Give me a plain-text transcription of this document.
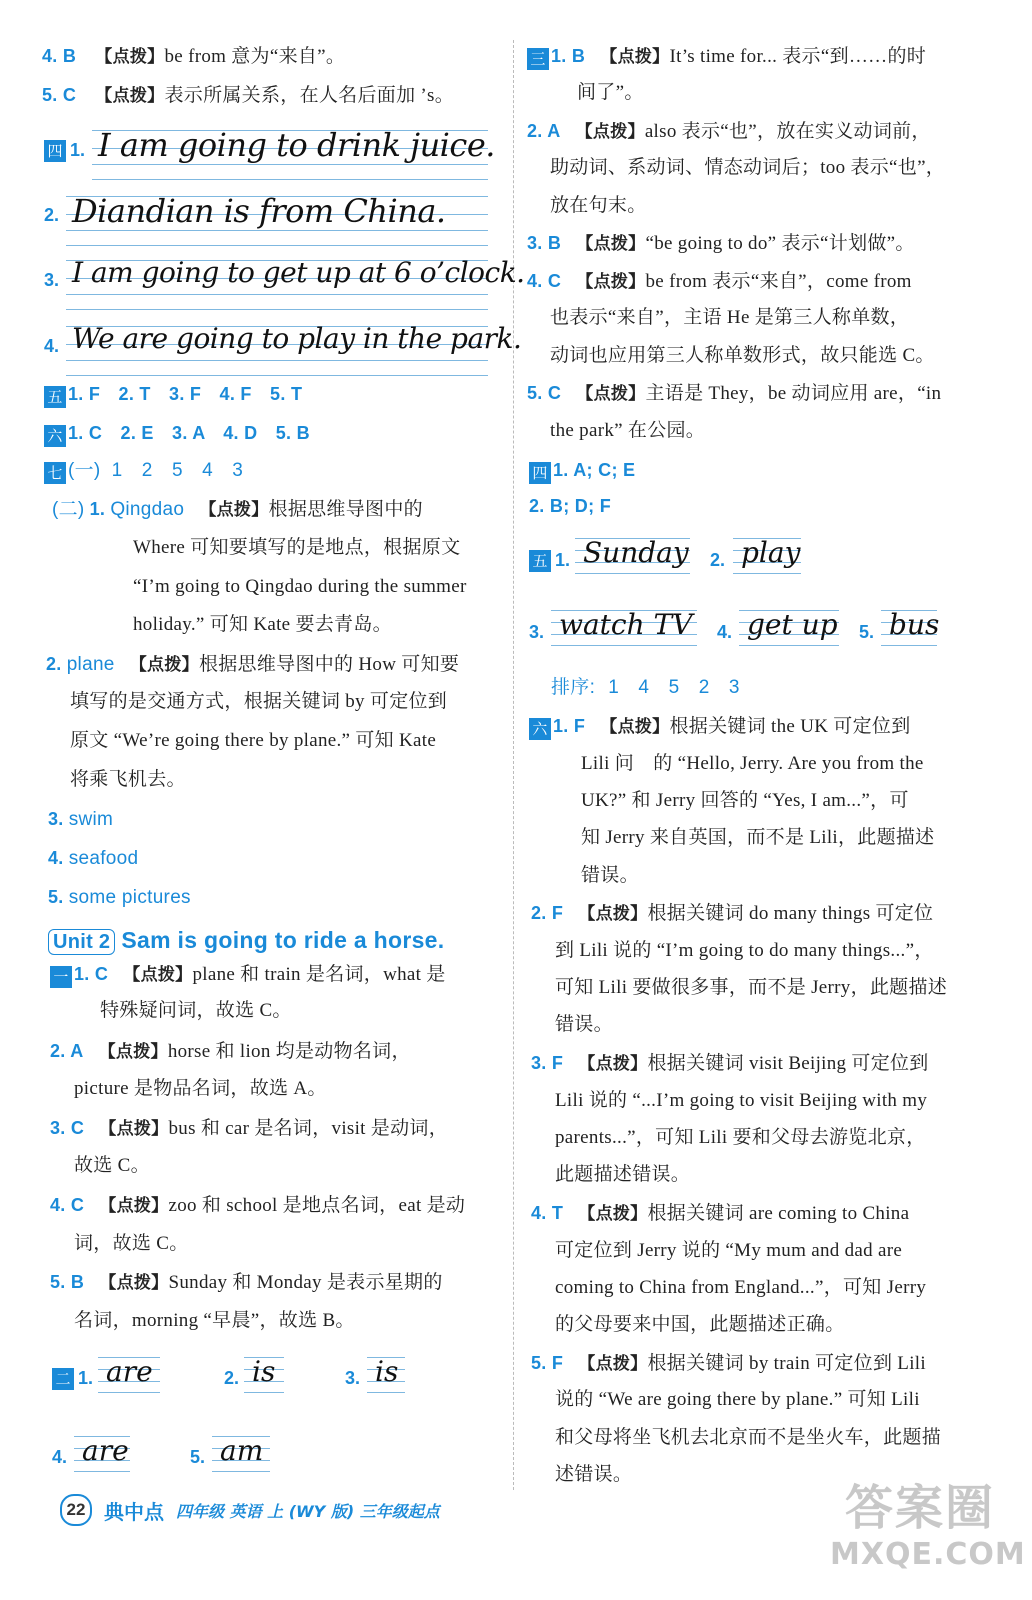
4. B 【点拨】be from 意为“来自”。
5. C 【点拨】表示所属关系，在人名后面加 ’s。
四 1. I am going to drink juice.
2. Diandian is from China.
3. I am going to get up at 6 o’clock.
4. We are going to play in the park.
五 1. F　2. T　3. F　4. F　5. T
六 1. C　2. E　3. A　4. D　5. B
七 (一) 1　2　5　4　3
(二) 1. Qingdao 【点拨】根据思维导图中的
Where 可知要填写的是地点，根据原文
“I’m going to Qingdao during the summer
holiday.” 可知 Kate 要去青岛。
2. plane 【点拨】根据思维导图中的 How 可知要
填写的是交通方式，根据关键词 by 可定位到
原文 “We’re going there by plane.” 可知 Kate
将乘飞机去。
3. swim
4. seafood
5. some pictures
Unit 2 Sam is going to ride a horse.
一 1. C 【点拨】plane 和 train 是名词，what 是
特殊疑问词，故选 C。
2. A 【点拨】horse 和 lion 均是动物名词，
picture 是物品名词，故选 A。
3. C 【点拨】bus 和 car 是名词，visit 是动词，
故选 C。
4. C 【点拨】zoo 和 school 是地点名词，eat 是动
词，故选 C。
5. B 【点拨】Sunday 和 Monday 是表示星期的
名词，morning “早晨”，故选 B。
二 1. are	2. is	3. is
4. are	5. am
三 1. B 【点拨】It’s time for... 表示“到……的时
间了”。
2. A 【点拨】also 表示“也”，放在实义动词前，
助动词、系动词、情态动词后；too 表示“也”，
放在句末。
3. B 【点拨】“be going to do” 表示“计划做”。
4. C 【点拨】be from 表示“来自”，come from
也表示“来自”，主语 He 是第三人称单数，
动词也应用第三人称单数形式，故只能选 C。
5. C 【点拨】主语是 They，be 动词应用 are，“in
the park” 在公园。
四 1. A; C; E
2. B; D; F
五 1. Sunday 2. play
3. watch TV 4. get up 5. bus
排序: 1　4　5　2　3
六 1. F 【点拨】根据关键词 the UK 可定位到
Lili 问　的 “Hello, Jerry. Are you from the
UK?” 和 Jerry 回答的 “Yes, I am...”，可
知 Jerry 来自英国，而不是 Lili，此题描述
错误。
2. F 【点拨】根据关键词 do many things 可定位
到 Lili 说的 “I’m going to do many things...”，
可知 Lili 要做很多事，而不是 Jerry，此题描述
错误。
3. F 【点拨】根据关键词 visit Beijing 可定位到
Lili 说的 “...I’m going to visit Beijing with my
parents...”，可知 Lili 要和父母去游览北京，
此题描述错误。
4. T 【点拨】根据关键词 are coming to China
可定位到 Jerry 说的 “My mum and dad are
coming to China from England...”，可知 Jerry
的父母要来中国，此题描述正确。
5. F 【点拨】根据关键词 by train 可定位到 Lili
说的 “We are going there by plane.” 可知 Lili
和父母将坐飞机去北京而不是坐火车，此题描
述错误。
22 典中点 四年级 英语 上 (WY 版) 三年级起点	答案圈
MXQE.COM
